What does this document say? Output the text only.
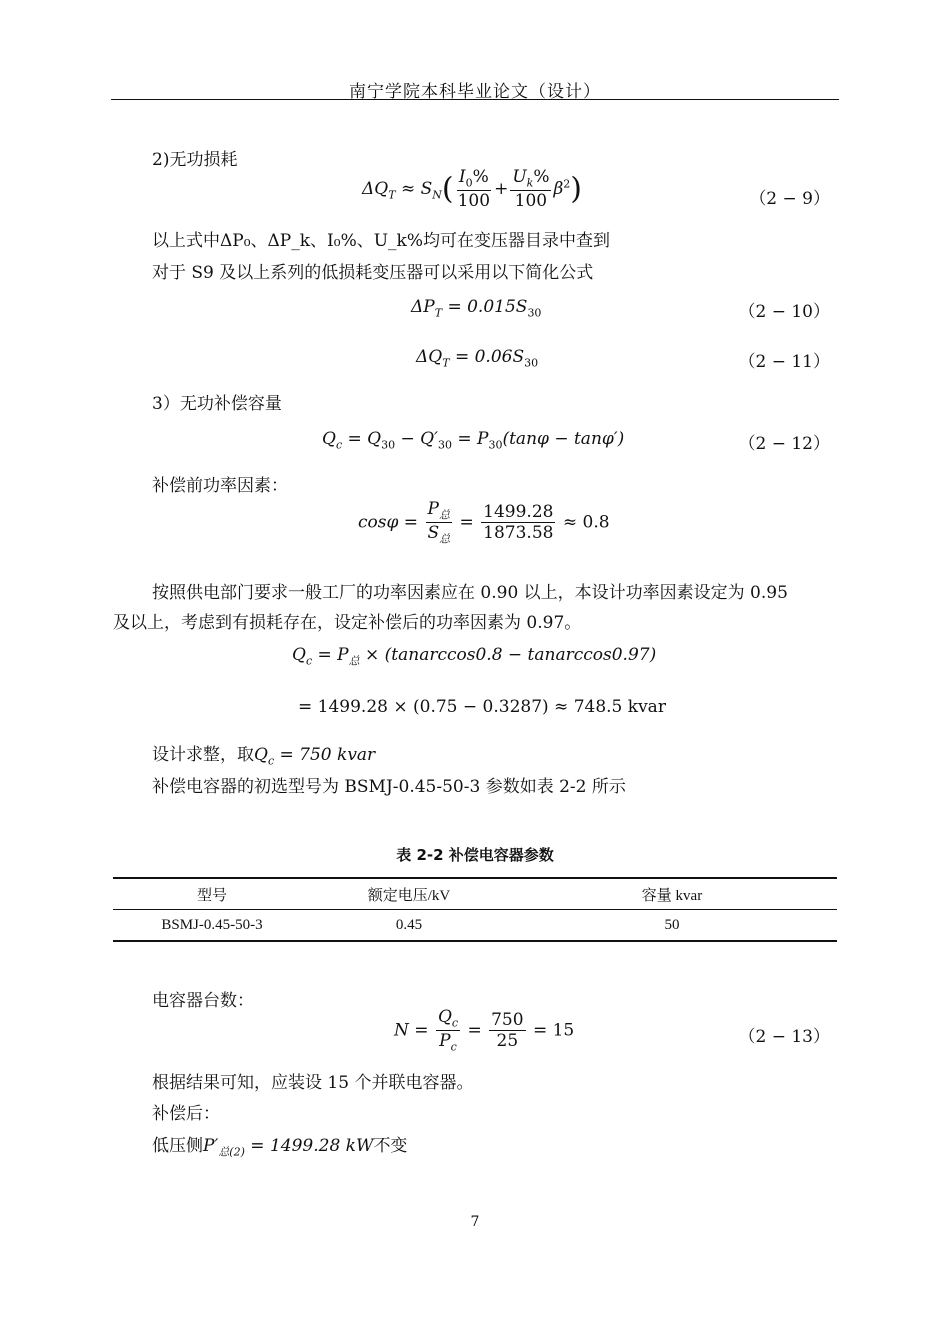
南宁学院本科毕业论文（设计）
2)无功损耗
$\Delta Q_T \approx S_N( \frac{I_0\%}{100} + \frac{U_k\%}{100} \beta^2)$	（2 − 9）
以上式中ΔP₀、ΔP_k、I₀%、U_k%均可在变压器目录中查到
对于 S9 及以上系列的低损耗变压器可以采用以下简化公式
$\Delta P_T = 0.015S_{30}$	（2 − 10）
$\Delta Q_T = 0.06S_{30}$	（2 − 11）
3）无功补偿容量
$Q_c = Q_{30} - Q'_{30} = P_{30}(\tan\varphi - \tan\varphi')$	（2 − 12）
补偿前功率因素：
$\cos\varphi = \frac{P_总}{S_总} = \frac{1499.28}{1873.58} \approx 0.8$
按照供电部门要求一般工厂的功率因素应在 0.90 以上，本设计功率因素设定为 0.95
及以上，考虑到有损耗存在，设定补偿后的功率因素为 0.97。
$Q_c = P_总 \times (tanarccos0.8 - tanarccos0.97)$
= 1499.28 × (0.75 − 0.3287) ≈ 748.5 kvar
设计求整，取$Q_c = 750$ kvar
补偿电容器的初选型号为 BSMJ-0.45-50-3 参数如表 2-2 所示
表 2-2 补偿电容器参数
型号	额定电压/kV	容量 kvar
BSMJ-0.45-50-3	0.45	50
电容器台数：
$N = \frac{Q_c}{P_c} = \frac{750}{25} = 15$	（2 − 13）
根据结果可知，应装设 15 个并联电容器。
补偿后：
低压侧$P'_{总(2)} = 1499.28$ kW不变
7
